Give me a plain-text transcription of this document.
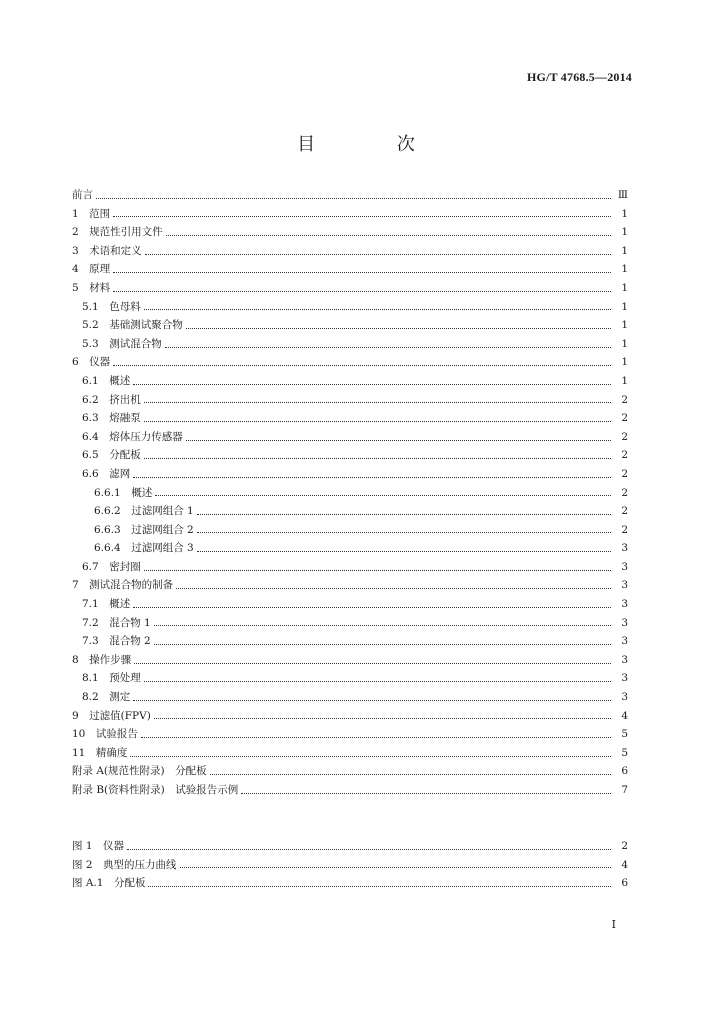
HG/T 4768.5—2014
目 次
前言	Ⅲ
1　范围	1
2　规范性引用文件	1
3　术语和定义	1
4　原理	1
5　材料	1
5.1　色母料	1
5.2　基础测试聚合物	1
5.3　测试混合物	1
6　仪器	1
6.1　概述	1
6.2　挤出机	2
6.3　熔融泵	2
6.4　熔体压力传感器	2
6.5　分配板	2
6.6　滤网	2
6.6.1　概述	2
6.6.2　过滤网组合 1	2
6.6.3　过滤网组合 2	2
6.6.4　过滤网组合 3	3
6.7　密封圈	3
7　测试混合物的制备	3
7.1　概述	3
7.2　混合物 1	3
7.3　混合物 2	3
8　操作步骤	3
8.1　预处理	3
8.2　测定	3
9　过滤值(FPV)	4
10　试验报告	5
11　精确度	5
附录 A(规范性附录)　分配板	6
附录 B(资料性附录)　试验报告示例	7
图 1　仪器	2
图 2　典型的压力曲线	4
图 A.1　分配板	6
I
